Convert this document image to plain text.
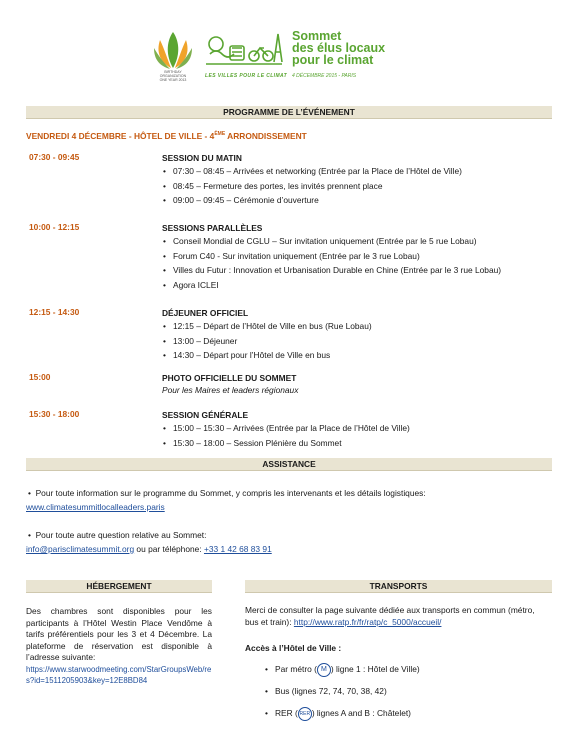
BIRTHDAY
ORGANIZATION
ONE YEAR 2013
LES VILLES POUR LE CLIMAT
Sommet
des élus locaux
pour le climat
4 DÉCEMBRE 2015 - PARIS
PROGRAMME DE L’ÉVÉNEMENT
VENDREDI 4 DÉCEMBRE - HÔTEL DE VILLE - 4ÈME ARRONDISSEMENT
07:30 - 09:45	SESSION DU MATIN
• 07:30 – 08:45 – Arrivées et networking (Entrée par la Place de l’Hôtel de Ville)
• 08:45 – Fermeture des portes, les invités prennent place
• 09:00 – 09:45 – Cérémonie d’ouverture
10:00 - 12:15	SESSIONS PARALLÈLES
• Conseil Mondial de CGLU – Sur invitation uniquement (Entrée par le 5 rue Lobau)
• Forum C40 - Sur invitation uniquement (Entrée par le 3 rue Lobau)
• Villes du Futur : Innovation et Urbanisation Durable en Chine (Entrée par le 3 rue Lobau)
• Agora ICLEI
12:15 - 14:30	DÉJEUNER OFFICIEL
• 12:15 – Départ de l’Hôtel de Ville en bus (Rue Lobau)
• 13:00 – Déjeuner
• 14:30 – Départ pour l’Hôtel de Ville en bus
15:00	PHOTO OFFICIELLE DU SOMMET
Pour les Maires et leaders régionaux
15:30 - 18:00	SESSION GÉNÉRALE
• 15:00 – 15:30 – Arrivées (Entrée par la Place de l’Hôtel de Ville)
• 15:30 – 18:00 – Session Plénière du Sommet
ASSISTANCE

•  Pour toute information sur le programme du Sommet, y compris les intervenants et les détails logistiques:

www.climatesummitlocalleaders.paris

•  Pour toute autre question relative au Sommet:

info@parisclimatesummit.org ou par téléphone: +33 1 42 68 83 91

HÉBERGEMENT
Des chambres sont disponibles pour les participants à l’Hôtel Westin Place Vendôme à tarifs préférentiels pour les 3 et 4 Décembre. La plateforme de réservation est disponible à l’adresse suivante:
https://www.starwoodmeeting.com/StarGroupsWeb/res?id=1511205903&key=12E8BD84
TRANSPORTS
Merci de consulter la page suivante dédiée aux transports en commun (métro, bus et train): http://www.ratp.fr/fr/ratp/c_5000/accueil/
Accès à l’Hôtel de Ville :
• Par métro ( M ) ligne 1 : Hôtel de Ville)
• Bus (lignes 72, 74, 70, 38, 42)
• RER ( RER ) lignes A and B : Châtelet)
